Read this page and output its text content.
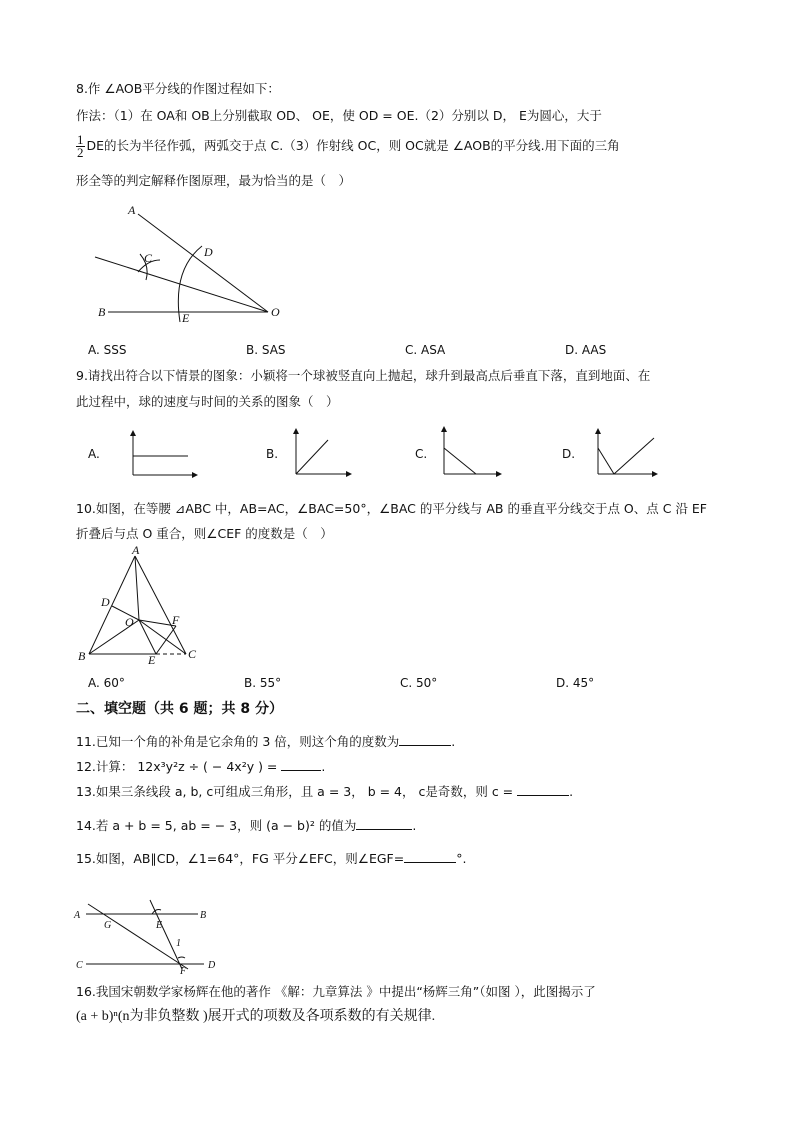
8.作 ∠AOB平分线的作图过程如下：
作法：（1）在 OA和 OB上分别截取 OD、 OE，使 OD = OE.（2）分别以 D， E为圆心，大于
$\frac{1}{2}$ DE的长为半径作弧，两弧交于点 C.（3）作射线 OC，则 OC就是 ∠AOB的平分线.用下面的三角
形全等的判定解释作图原理，最为恰当的是（　）
A
D
C
B	E	O
A. SSS	B. SAS	C. ASA	D. AAS
9.请找出符合以下情景的图象：小颖将一个球被竖直向上抛起，球升到最高点后垂直下落，直到地面、在
此过程中，球的速度与时间的关系的图象（　）
A.	B.	C.	D.
10.如图，在等腰 ⊿ABC 中，AB=AC，∠BAC=50°，∠BAC 的平分线与 AB 的垂直平分线交于点 O、点 C 沿 EF
折叠后与点 O 重合，则∠CEF 的度数是（　）
A
D
O	F
B	E	C
A. 60°	B. 55°	C. 50°	D. 45°
二、填空题（共 6 题；共 8 分）
11.已知一个角的补角是它余角的 3 倍，则这个角的度数为	.
12.计算： 12x³y²z ÷ ( − 4x²y ) =	.
13.如果三条线段 a, b, c可组成三角形，且 a = 3， b = 4， c是奇数，则 c =	.
14.若 a + b = 5, ab = − 3，则 (a − b)² 的值为	.
15.如图，AB∥CD，∠1=64°，FG 平分∠EFC，则∠EGF=	°.
A	B
G	E
1
C
F
D
16.我国宋朝数学家杨辉在他的著作 《解：九章算法 》中提出“杨辉三角”（如图 ），此图揭示了
(a + b)ⁿ(n为非负整数 )展开式的项数及各项系数的有关规律.
